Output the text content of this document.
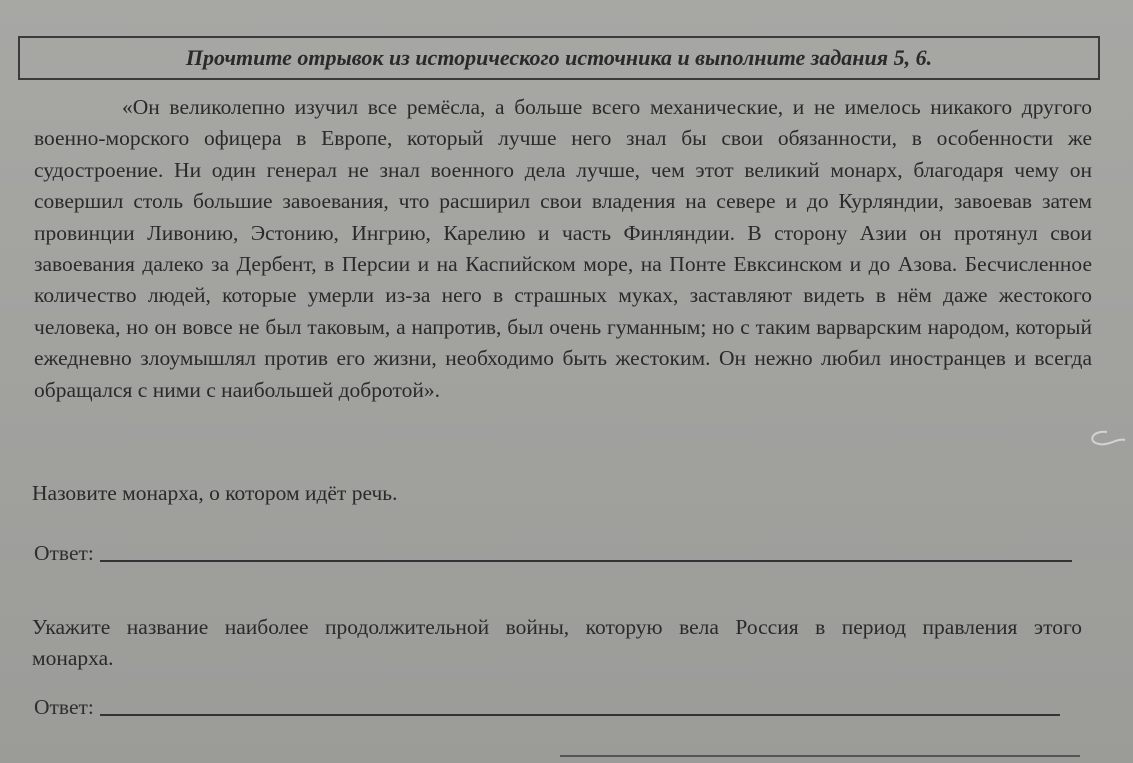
Прочтите отрывок из исторического источника и выполните задания 5, 6.

«Он великолепно изучил все ремёсла, а больше всего механические, и не имелось никакого другого военно-морского офицера в Европе, который лучше него знал бы свои обязанности, в особенности же судостроение. Ни один генерал не знал военного дела лучше, чем этот великий монарх, благодаря чему он совершил столь большие завоевания, что расширил свои владения на севере и до Курляндии, завоевав затем провинции Ливонию, Эстонию, Ингрию, Карелию и часть Финляндии. В сторону Азии он протянул свои завоевания далеко за Дербент, в Персии и на Каспийском море, на Понте Евксинском и до Азова. Бесчисленное количество людей, которые умерли из-за него в страшных муках, заставляют видеть в нём даже жестокого человека, но он вовсе не был таковым, а напротив, был очень гуманным; но с таким варварским народом, который ежедневно злоумышлял против его жизни, необходимо быть жестоким. Он нежно любил иностранцев и всегда обращался с ними с наибольшей добротой».

Назовите монарха, о котором идёт речь.

Ответ:

Укажите название наиболее продолжительной войны, которую вела Россия в период правления этого монарха.

Ответ:
